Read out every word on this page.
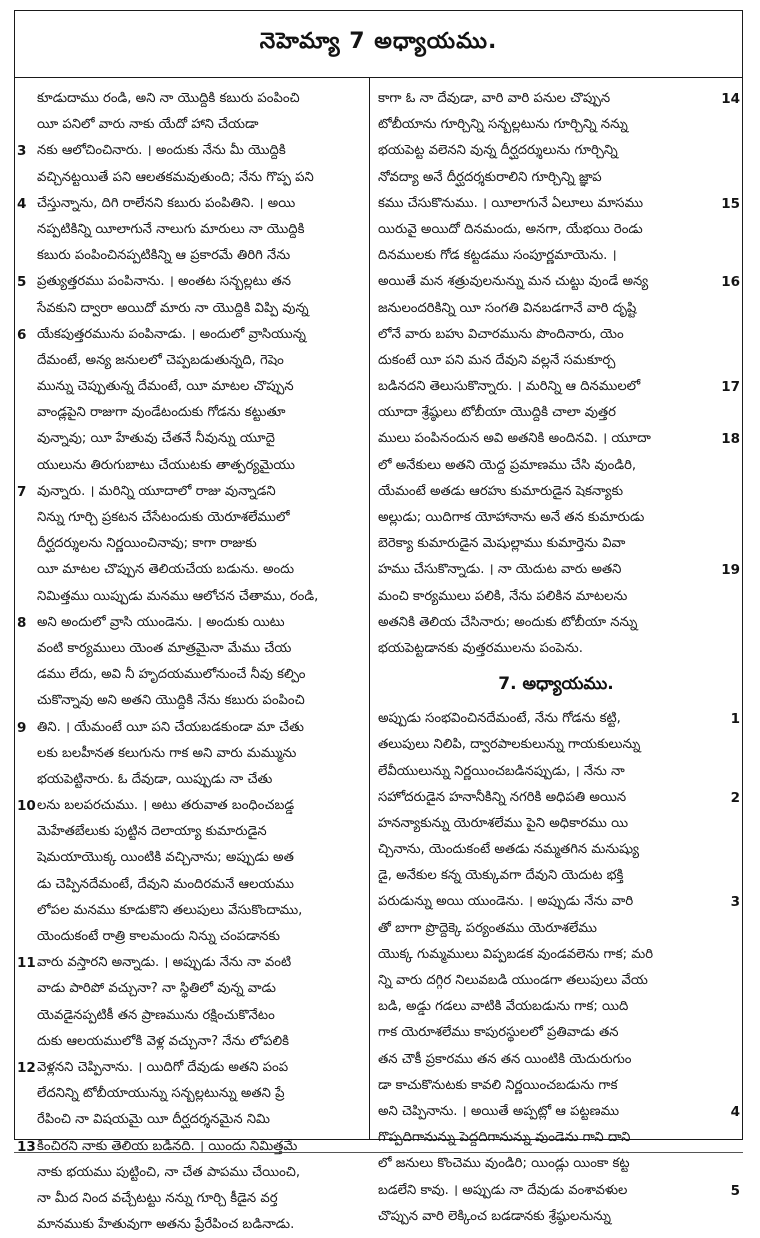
నెహెమ్యా 7 అధ్యాయము.
కూడుదాము రండి, అని నా యొద్దికి కబురు పంపించి
యీ పనిలో వారు నాకు యేదో హాని చేయడా
3 నకు ఆలోచించినారు. । అందుకు నేను మీ యొద్దికి
వచ్చినట్టయితే పని ఆలతకమవుతుంది; నేను గొప్ప పని
4 చేస్తున్నాను, దిగి రాలేనని కబురు పంపితిని. । అయి
నప్పటికిన్ని యీలాగునే నాలుగు మారులు నా యొద్దికి
కబురు పంపించినప్పటికిన్ని ఆ ప్రకారమే తిరిగి నేను
5 ప్రత్యుత్తరము పంపినాను. । అంతట సన్బల్లటు తన
సేవకుని ద్వారా అయిదో మారు నా యొద్దికి విప్పి వున్న
6 యేకపుత్తరమును పంపినాడు. । అందులో వ్రాసియున్న
దేమంటే, అన్య జనులలో చెప్పబడుతున్నది, గెషెం
మున్ను చెప్పుతున్న దేమంటే, యీ మాటల చొప్పున
వాండ్లపైని రాజుగా వుండేటందుకు గోడను కట్టుతూ
వున్నావు; యీ హేతువు చేతనే నీవున్ను యూదై
యులును తిరుగుబాటు చేయుటకు తాత్పర్యమైయు
7 వున్నారు. । మరిన్ని యూదాలో రాజు వున్నాడని
నిన్ను గూర్చి ప్రకటన చేసేటందుకు యెరూశలేములో
దీర్ఘదర్శులను నిర్ణయించినావు; కాగా రాజుకు
యీ మాటల చొప్పున తెలియచేయ బడును. అందు
నిమిత్తము యిప్పుడు మనము ఆలోచన చేతాము, రండి,
8 అని అందులో వ్రాసి యుండెను. । అందుకు యిటు
వంటి కార్యములు యెంత మాత్రమైనా మేము చేయ
డము లేదు, అవి నీ హృదయములోనుంచే నీవు కల్పిం
చుకొన్నావు అని అతని యొద్దికి నేను కబురు పంపించి
9 తిని. । యేమంటే యీ పని చేయబడకుండా మా చేతు
లకు బలహీనత కలుగును గాక అని వారు మమ్మును
భయపెట్టినారు. ఓ దేవుడా, యిప్పుడు నా చేతు
10 లను బలపరచుము. । అటు తరువాత బంధించబడ్డ
మెహేతబేలుకు పుట్టిన దెలాయ్యా కుమారుడైన
షెమయాయొక్క యింటికి వచ్చినాను; అప్పుడు అత
డు చెప్పినదేమంటే, దేవుని మందిరమనే ఆలయము
లోపల మనము కూడుకొని తలుపులు వేసుకొందాము,
యెందుకంటే రాత్రి కాలమందు నిన్ను చంపడానకు
11 వారు వస్తారని అన్నాడు. । అప్పుడు నేను నా వంటి
వాడు పారిపో వచ్చునా? నా స్థితిలో వున్న వాడు
యెవడైనప్పటికీ తన ప్రాణమును రక్షించుకొనేటం
దుకు ఆలయములోకి వెళ్ల వచ్చునా? నేను లోపలికి
12 వెళ్లనని చెప్పినాను. । యిదిగో దేవుడు అతని పంప
లేదనిన్ని టోబీయాయున్ను సన్బల్లటున్ను అతని ప్రే
రేపించి నా విషయమై యీ దీర్ఘదర్శనమైన నిమి
13 కించిరని నాకు తెలియ బడినది. । యిందు నిమిత్తమే
నాకు భయము పుట్టించి, నా చేత పాపము చేయించి,
నా మీద నింద వచ్చేటట్టు నన్ను గూర్చి కీడైన వర్త
మానముకు హేతువుగా అతను ప్రేరేపించ బడినాడు.
14
కాగా ఓ నా దేవుడా, వారి వారి పనుల చొప్పున
టోబీయాను గూర్చిన్ని సన్బల్లటును గూర్చిన్ని నన్ను
భయపెట్ట వలెనని వున్న దీర్ఘదర్శులును గూర్చిన్ని
నోవద్యా అనే దీర్ఘదర్శకురాలిని గూర్చిన్ని జ్ఞాప
15
కము చేసుకొనుము. । యీలాగునే ఏలూలు మాసము
యిరువై అయిదో దినమందు, అనగా, యేభయి రెండు
దినములకు గోడ కట్టడము సంపూర్ణమాయెను. ।
16
అయితే మన శత్రువులనున్ను మన చుట్టు వుండే అన్య
జనులందరికిన్ని యీ సంగతి వినబడగానే వారి దృష్టి
లోనే వారు బహు విచారమును పొందినారు, యెం
దుకంటే యీ పని మన దేవుని వల్లనే సమకూర్చ
17
బడినదని తెలుసుకొన్నారు. । మరిన్ని ఆ దినములలో
యూదా శ్రేష్ఠులు టోబీయా యొద్దికి చాలా వుత్తర
18
ములు పంపినందున అవి అతనికి అందినవి. । యూదా
లో అనేకులు అతని యెద్ద ప్రమాణము చేసి వుండిరి,
యేమంటే అతడు ఆరహు కుమారుడైన షెకన్యాకు
అల్లుడు; యిదిగాక యోహానాను అనే తన కుమారుడు
బెరెక్యా కుమారుడైన మెషుల్లాము కుమార్తెను వివా
19
హము చేసుకొన్నాడు. । నా యెదుట వారు అతని
మంచి కార్యములు పలికి, నేను పలికిన మాటలను
అతనికి తెలియ చేసినారు; అందుకు టోబీయా నన్ను
భయపెట్టడానకు వుత్తరములను పంపెను.
7. అధ్యాయము.
1
అప్పుడు సంభవించినదేమంటే, నేను గోడను కట్టి,
తలుపులు నిలిపి, ద్వారపాలకులున్ను గాయకులున్ను
లేవీయులున్ను నిర్ణయించబడినప్పుడు, । నేను నా
2
సహోదరుడైన హనానీకిన్ని నగరికి అధిపతి అయిన
హనన్యాకున్ను యెరూశలేము పైని అధికారము యి
చ్చినాను, యెందుకంటే అతడు నమ్మతగిన మనుష్యు
డై, అనేకుల కన్న యెక్కువగా దేవుని యెదుట భక్తి
3
పరుడున్ను అయి యుండెను. । అప్పుడు నేను వారి
తో బాగా ప్రొద్దెక్కె పర్యంతము యెరూశలేము
యొక్క గుమ్మములు విప్పబడక వుండవలెను గాక; మరి
న్ని వారు దగ్గిర నిలువబడి యుండగా తలుపులు వేయ
బడి, అడ్డు గడలు వాటికి వేయబడును గాక; యిది
గాక యెరూశలేము కాపురస్థులలో ప్రతివాడు తన
తన చౌకీ ప్రకారము తన తన యింటికి యెదురుగుం
డా కాచుకొనుటకు కావలి నిర్ణయించబడును గాక
4
అని చెప్పినాను. । అయితే అప్పట్లో ఆ పట్టణము
గొప్పదిగానున్ను పెద్దదిగానున్ను వుండెను గాని దాని
లో జనులు కొంచెము వుండిరి; యిండ్లు యింకా కట్ట
5
బడలేని కావు. । అప్పుడు నా దేవుడు వంశావళుల
చొప్పున వారి లెక్కించ బడడానకు శ్రేష్ఠులనున్ను
